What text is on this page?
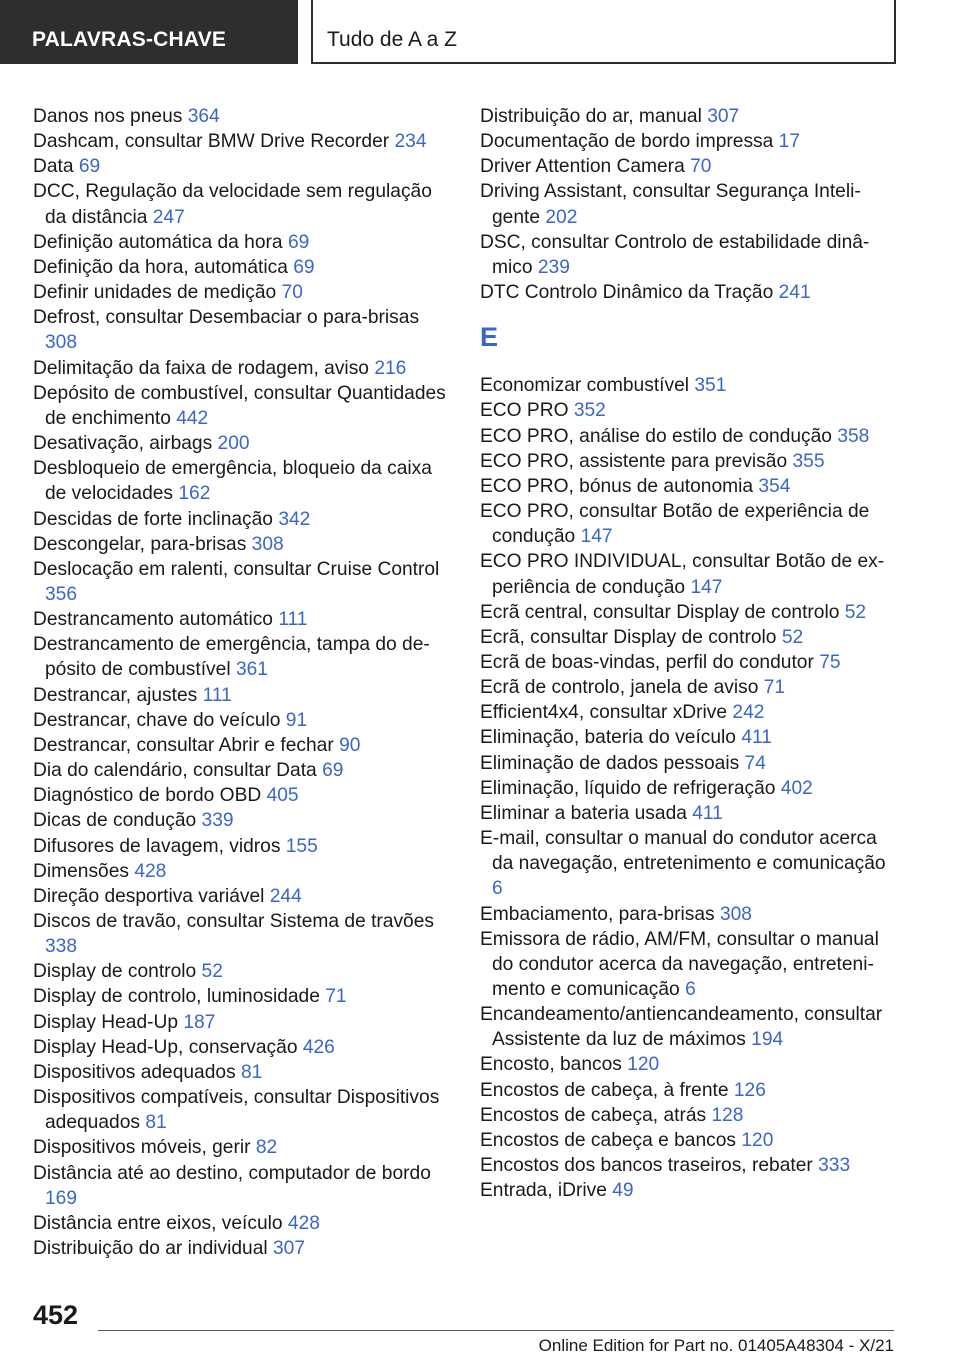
PALAVRAS-CHAVE	Tudo de A a Z
Danos nos pneus 364
Dashcam, consultar BMW Drive Recorder 234
Data 69
DCC, Regulação da velocidade sem regulação da distância 247
Definição automática da hora 69
Definição da hora, automática 69
Definir unidades de medição 70
Defrost, consultar Desembaciar o para-brisas 308
Delimitação da faixa de rodagem, aviso 216
Depósito de combustível, consultar Quantidades de enchimento 442
Desativação, airbags 200
Desbloqueio de emergência, bloqueio da caixa de velocidades 162
Descidas de forte inclinação 342
Descongelar, para-brisas 308
Deslocação em ralenti, consultar Cruise Control 356
Destrancamento automático 111
Destrancamento de emergência, tampa do depósito de combustível 361
Destrancar, ajustes 111
Destrancar, chave do veículo 91
Destrancar, consultar Abrir e fechar 90
Dia do calendário, consultar Data 69
Diagnóstico de bordo OBD 405
Dicas de condução 339
Difusores de lavagem, vidros 155
Dimensões 428
Direção desportiva variável 244
Discos de travão, consultar Sistema de travões 338
Display de controlo 52
Display de controlo, luminosidade 71
Display Head-Up 187
Display Head-Up, conservação 426
Dispositivos adequados 81
Dispositivos compatíveis, consultar Dispositivos adequados 81
Dispositivos móveis, gerir 82
Distância até ao destino, computador de bordo 169
Distância entre eixos, veículo 428
Distribuição do ar individual 307
Distribuição do ar, manual 307
Documentação de bordo impressa 17
Driver Attention Camera 70
Driving Assistant, consultar Segurança Inteligente 202
DSC, consultar Controlo de estabilidade dinâmico 239
DTC Controlo Dinâmico da Tração 241
E
Economizar combustível 351
ECO PRO 352
ECO PRO, análise do estilo de condução 358
ECO PRO, assistente para previsão 355
ECO PRO, bónus de autonomia 354
ECO PRO, consultar Botão de experiência de condução 147
ECO PRO INDIVIDUAL, consultar Botão de experiência de condução 147
Ecrã central, consultar Display de controlo 52
Ecrã, consultar Display de controlo 52
Ecrã de boas-vindas, perfil do condutor 75
Ecrã de controlo, janela de aviso 71
Efficient4x4, consultar xDrive 242
Eliminação, bateria do veículo 411
Eliminação de dados pessoais 74
Eliminação, líquido de refrigeração 402
Eliminar a bateria usada 411
E-mail, consultar o manual do condutor acerca da navegação, entretenimento e comunicação 6
Embaciamento, para-brisas 308
Emissora de rádio, AM/FM, consultar o manual do condutor acerca da navegação, entretenimento e comunicação 6
Encandeamento/antiencandeamento, consultar Assistente da luz de máximos 194
Encosto, bancos 120
Encostos de cabeça, à frente 126
Encostos de cabeça, atrás 128
Encostos de cabeça e bancos 120
Encostos dos bancos traseiros, rebater 333
Entrada, iDrive 49
452
Online Edition for Part no. 01405A48304 - X/21
